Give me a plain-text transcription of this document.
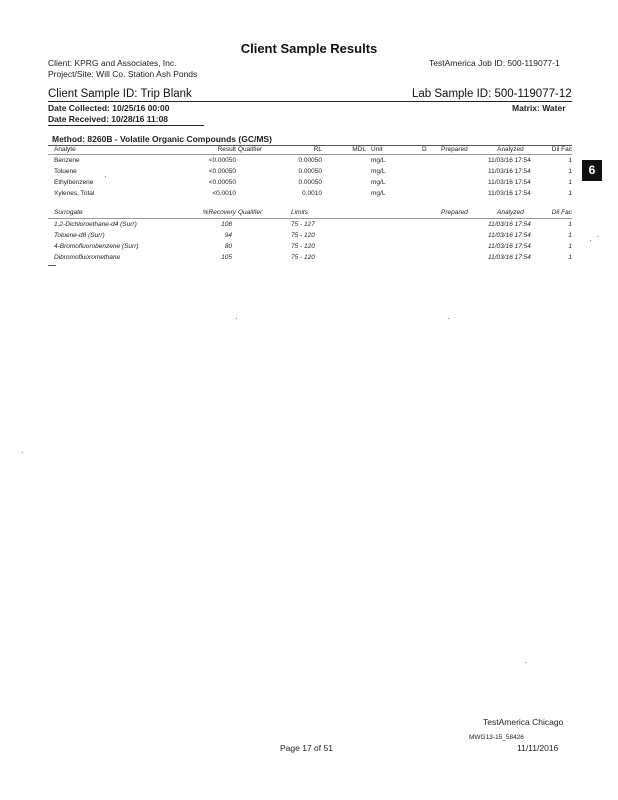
Client Sample Results
Client: KPRG and Associates, Inc.
Project/Site: Will Co. Station Ash Ponds
TestAmerica Job ID: 500-119077-1
Client Sample ID: Trip Blank	Lab Sample ID: 500-119077-12
Date Collected: 10/25/16 00:00
Date Received: 10/28/16 11:08
Matrix: Water
Method: 8260B - Volatile Organic Compounds (GC/MS)
Analyte	Result Qualifier	RL	MDL Unit	D Prepared	Analyzed	Dil Fac
Benzene	<0.00050	0.00050	mg/L	11/03/16 17:54	1
Toluene	<0.00050	0.00050	mg/L	11/03/16 17:54	1
Ethylbenzene	<0.00050	0.00050	mg/L	11/03/16 17:54	1
Xylenes, Total	<0.0010	0.0010	mg/L	11/03/16 17:54	1
Surrogate	%Recovery Qualifier	Limits	Prepared	Analyzed	Dil Fac
1,2-Dichloroethane-d4 (Surr)	108	75 - 127	11/03/16 17:54	1
Toluene-d8 (Surr)	94	75 - 120	11/03/16 17:54	1
4-Bromofluorobenzene (Surr)	80	75 - 120	11/03/16 17:54	1
Dibromofluoromethane	105	75 - 120	11/03/16 17:54	1
6
TestAmerica Chicago
MWG13-15_58426
Page 17 of 51	11/11/2016
